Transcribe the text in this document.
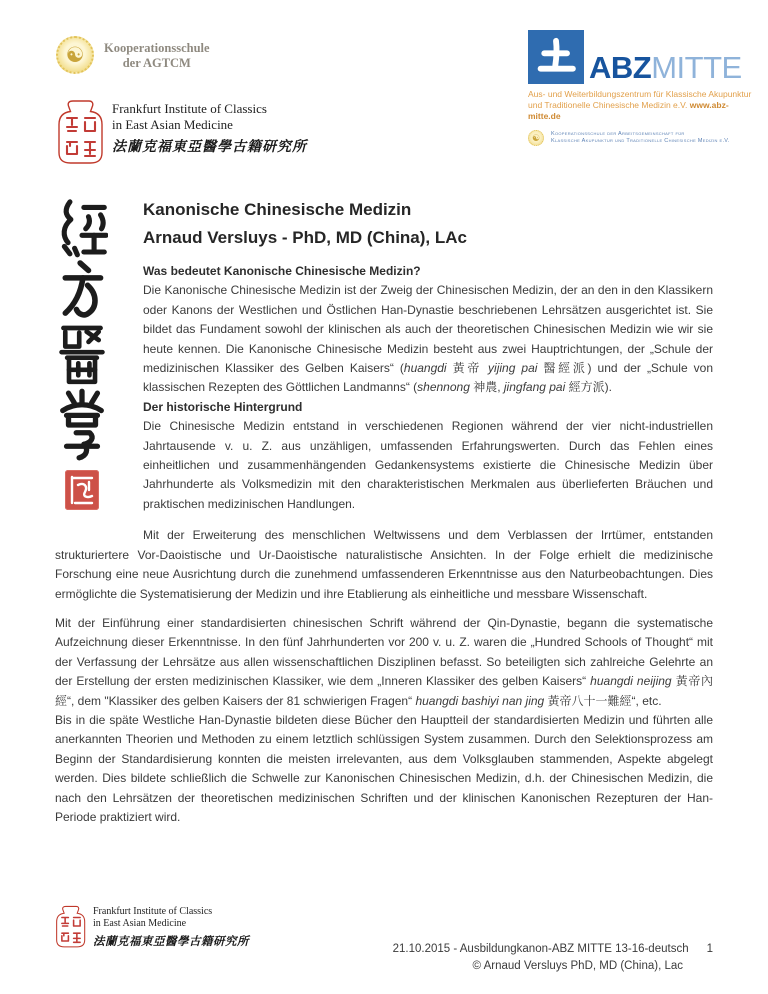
☯ Kooperationsschule
der AGTCM
Frankfurt Institute of Classics
in East Asian Medicine
法蘭克福東亞醫學古籍研究所
ABZMITTE
Aus- und Weiterbildungszentrum für Klassische Akupunktur
und Traditionelle Chinesische Medizin e.V. www.abz-mitte.de
☯ Kooperationsschule der Arbeitsgemeinschaft für
Klassische Akupunktur und Traditionelle Chinesische Medizin e.V.
Kanonische Chinesische Medizin
Arnaud Versluys - PhD, MD (China), LAc
Was bedeutet Kanonische Chinesische Medizin?

Die Kanonische Chinesische Medizin ist der Zweig der Chinesischen Medizin, der an den in den Klassikern oder Kanons der Westlichen und Östlichen Han-Dynastie beschriebenen Lehrsätzen ausgerichtet ist. Sie bildet das Fundament sowohl der klinischen als auch der theoretischen Chinesischen Medizin wie wir sie heute kennen. Die Kanonische Chinesische Medizin besteht aus zwei Hauptrichtungen, der „Schule der medizinischen Klassiker des Gelben Kaisers“ (huangdi 黃帝 yijing pai 醫經派) und der „Schule von klassischen Rezepten des Göttlichen Landmanns“ (shennong 神農, jingfang pai 經方派).

Der historische Hintergrund

Die Chinesische Medizin entstand in verschiedenen Regionen während der vier nicht-industriellen Jahrtausende v. u. Z. aus unzähligen, umfassenden Erfahrungswerten. Durch das Fehlen eines einheitlichen und zusammenhängenden Gedankensystems existierte die Chinesische Medizin über Jahrhunderte als Volksmedizin mit den charakteristischen Merkmalen aus überlieferten Bräuchen und praktischen medizinischen Handlungen.

Mit der Erweiterung des menschlichen Weltwissens und dem Verblassen der Irrtümer, entstanden strukturiertere Vor-Daoistische und Ur-Daoistische naturalistische Ansichten. In der Folge erhielt die medizinische Forschung eine neue Ausrichtung durch die zunehmend umfassenderen Erkenntnisse aus den Naturbeobachtungen. Dies ermöglichte die Systematisierung der Medizin und ihre Etablierung als einheitliche und messbare Wissenschaft.

Mit der Einführung einer standardisierten chinesischen Schrift während der Qin-Dynastie, begann die systematische Aufzeichnung dieser Erkenntnisse. In den fünf Jahrhunderten vor 200 v. u. Z. waren die „Hundred Schools of Thought“ mit der Verfassung der Lehrsätze aus allen wissenschaftlichen Disziplinen befasst. So beteiligten sich zahlreiche Gelehrte an der Erstellung der ersten medizinischen Klassiker, wie dem „Inneren Klassiker des gelben Kaisers“ huangdi neijing 黃帝內經“, dem "Klassiker des gelben Kaisers der 81 schwierigen Fragen“ huangdi bashiyi nan jing 黃帝八十一難經“, etc.

Bis in die späte Westliche Han-Dynastie bildeten diese Bücher den Hauptteil der standardisierten Medizin und führten alle anerkannten Theorien und Methoden zu einem letztlich schlüssigen System zusammen. Durch den Selektionsprozess am Beginn der Standardisierung konnten die meisten irrelevanten, aus dem Volksglauben stammenden, Aspekte abgelegt werden. Dies bildete schließlich die Schwelle zur Kanonischen Chinesischen Medizin, d.h. der Chinesischen Medizin, die nach den Lehrsätzen der theoretischen medizinischen Schriften und der klinischen Kanonischen Rezepturen der Han-Periode praktiziert wird.

Frankfurt Institute of Classics
in East Asian Medicine
法蘭克福東亞醫學古籍研究所
21.10.2015 - Ausbildungkanon-ABZ MITTE 13-16-deutsch 1
© Arnaud Versluys PhD, MD (China), Lac
